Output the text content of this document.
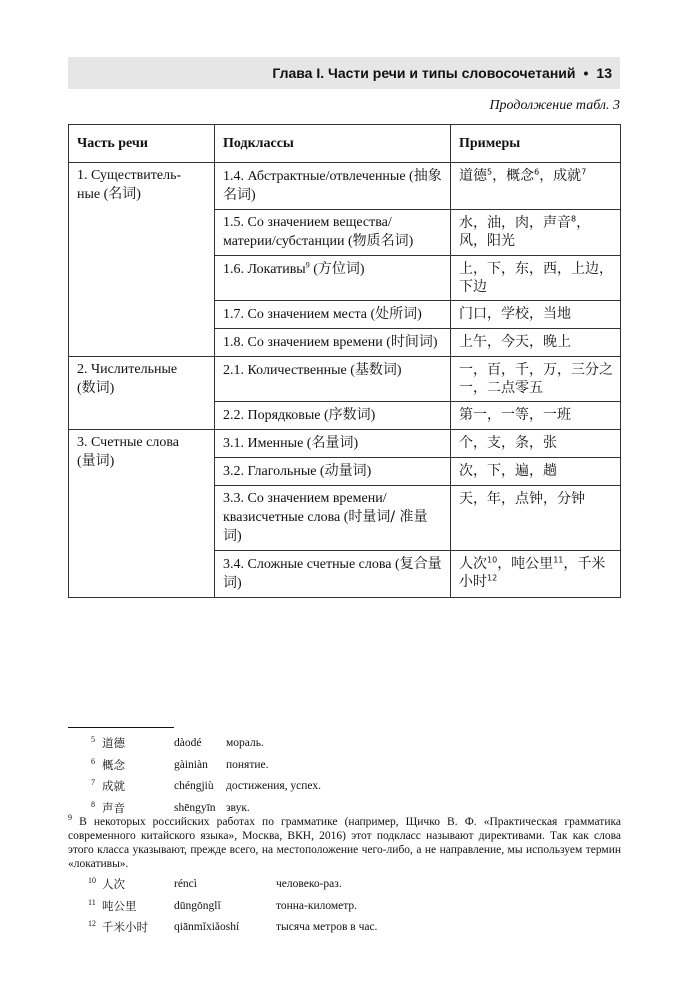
Глава I. Части речи и типы словосочетаний • 13
Продолжение табл. 3
Часть речи	Подклассы	Примеры
1. Существитель-
ные (名词)	1.4. Абстрактные/отвлеченные (抽象名词)	道德$^5$，概念$^6$，成就$^7$
	1.5. Со значением вещества/ материи/субстанции (物质名词)	水，油，肉，声音$^8$，风，阳光
	1.6. Локативы$^9$ (方位词)	上，下，东，西，上边，下边
	1.7. Со значением места (处所词)	门口，学校，当地
	1.8. Со значением времени (时间词)	上午，今天，晚上
2. Числительные
(数词)	2.1. Количественные (基数词)	一，百，千，万，三分之一，二点零五
	2.2. Порядковые (序数词)	第一，一等，一班
3. Счетные слова
(量词)	3.1. Именные (名量词)	个，支，条，张
	3.2. Глагольные (动量词)	次，下，遍，趟
	3.3. Со значением времени/ квазисчетные слова (时量词/ 准量词)	天，年，点钟，分钟
	3.4. Сложные счетные слова (复合量词)	人次$^{10}$，吨公里$^{11}$，千米小时$^{12}$
5 道德	dàodé мораль.
6 概念	gàiniàn понятие.
7 成就	chéngjiù достижения, успех.
8 声音	shēngyīn звук.
$^9$ В некоторых российских работах по грамматике (например, Щичко В. Ф. «Практическая грамматика современного китайского языка», Москва, ВКН, 2016) этот подкласс называют директивами. Так как слова этого класса указывают, прежде всего, на местоположение чего-либо, а не направление, мы используем термин «локативы».
10 人次	réncì	человеко-раз.
11 吨公里	dūngōnglǐ	тонна-километр.
12 千米小时 qiānmǐxiǎoshí	тысяча метров в час.
